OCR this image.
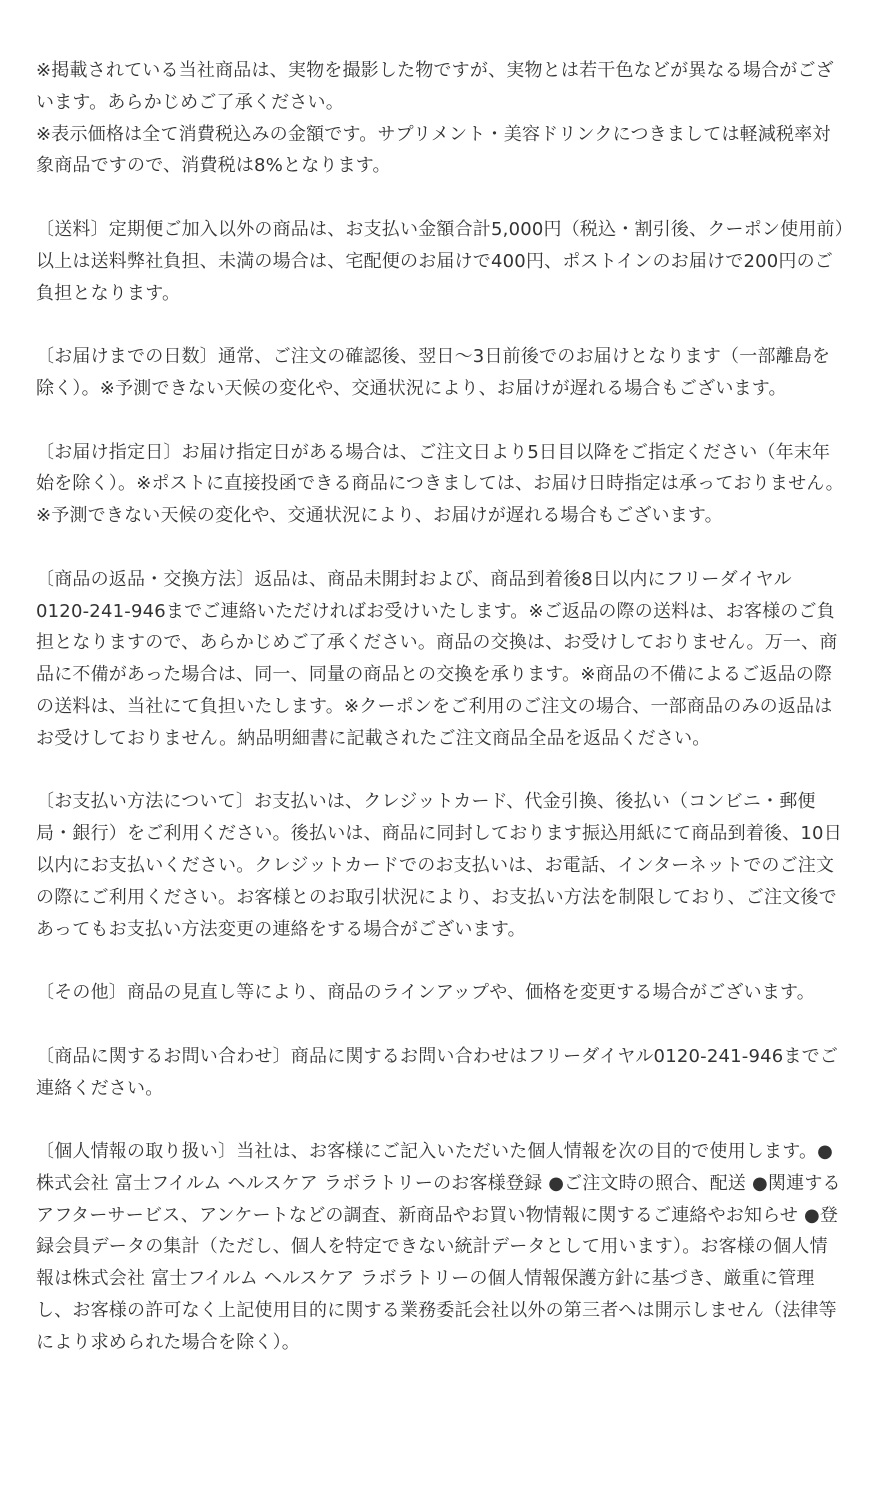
※掲載されている当社商品は、実物を撮影した物ですが、実物とは若干色などが異なる場合がございます。あらかじめご了承ください。

※表示価格は全て消費税込みの金額です。サプリメント・美容ドリンクにつきましては軽減税率対象商品ですので、消費税は8%となります。

〔送料〕定期便ご加入以外の商品は、お支払い金額合計5,000円（税込・割引後、クーポン使用前）以上は送料弊社負担、未満の場合は、宅配便のお届けで400円、ポストインのお届けで200円のご負担となります。

〔お届けまでの日数〕通常、ご注文の確認後、翌日〜3日前後でのお届けとなります（一部離島を除く）。※予測できない天候の変化や、交通状況により、お届けが遅れる場合もございます。

〔お届け指定日〕お届け指定日がある場合は、ご注文日より5日目以降をご指定ください（年末年始を除く）。※ポストに直接投函できる商品につきましては、お届け日時指定は承っておりません。※予測できない天候の変化や、交通状況により、お届けが遅れる場合もございます。

〔商品の返品・交換方法〕返品は、商品未開封および、商品到着後8日以内にフリーダイヤル0120-241-946までご連絡いただければお受けいたします。※ご返品の際の送料は、お客様のご負担となりますので、あらかじめご了承ください。商品の交換は、お受けしておりません。万一、商品に不備があった場合は、同一、同量の商品との交換を承ります。※商品の不備によるご返品の際の送料は、当社にて負担いたします。※クーポンをご利用のご注文の場合、一部商品のみの返品はお受けしておりません。納品明細書に記載されたご注文商品全品を返品ください。

〔お支払い方法について〕お支払いは、クレジットカード、代金引換、後払い（コンビニ・郵便局・銀行）をご利用ください。後払いは、商品に同封しております振込用紙にて商品到着後、10日以内にお支払いください。クレジットカードでのお支払いは、お電話、インターネットでのご注文の際にご利用ください。お客様とのお取引状況により、お支払い方法を制限しており、ご注文後であってもお支払い方法変更の連絡をする場合がございます。

〔その他〕商品の見直し等により、商品のラインアップや、価格を変更する場合がございます。

〔商品に関するお問い合わせ〕商品に関するお問い合わせはフリーダイヤル0120-241-946までご連絡ください。

〔個人情報の取り扱い〕当社は、お客様にご記入いただいた個人情報を次の目的で使用します。●株式会社 富士フイルム ヘルスケア ラボラトリーのお客様登録 ●ご注文時の照合、配送 ●関連するアフターサービス、アンケートなどの調査、新商品やお買い物情報に関するご連絡やお知らせ ●登録会員データの集計（ただし、個人を特定できない統計データとして用います）。お客様の個人情報は株式会社 富士フイルム ヘルスケア ラボラトリーの個人情報保護方針に基づき、厳重に管理し、お客様の許可なく上記使用目的に関する業務委託会社以外の第三者へは開示しません（法律等により求められた場合を除く）。
